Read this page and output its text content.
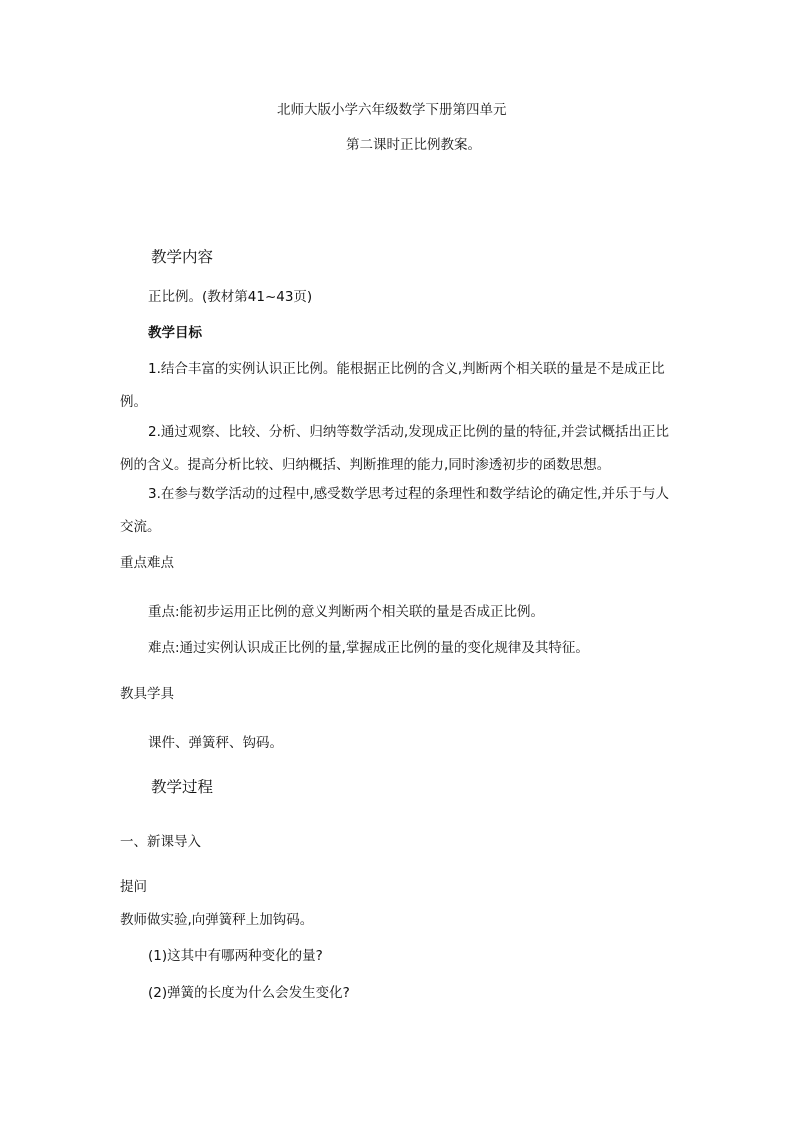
北师大版小学六年级数学下册第四单元
第二课时正比例教案。
教学内容
正比例。(教材第41~43页)
教学目标
1.结合丰富的实例认识正比例。能根据正比例的含义,判断两个相关联的量是不是成正比例。
2.通过观察、比较、分析、归纳等数学活动,发现成正比例的量的特征,并尝试概括出正比例的含义。提高分析比较、归纳概括、判断推理的能力,同时渗透初步的函数思想。
3.在参与数学活动的过程中,感受数学思考过程的条理性和数学结论的确定性,并乐于与人交流。
重点难点
重点:能初步运用正比例的意义判断两个相关联的量是否成正比例。
难点:通过实例认识成正比例的量,掌握成正比例的量的变化规律及其特征。
教具学具
课件、弹簧秤、钩码。
教学过程
一、新课导入
提问
教师做实验,向弹簧秤上加钩码。
(1)这其中有哪两种变化的量?
(2)弹簧的长度为什么会发生变化?
